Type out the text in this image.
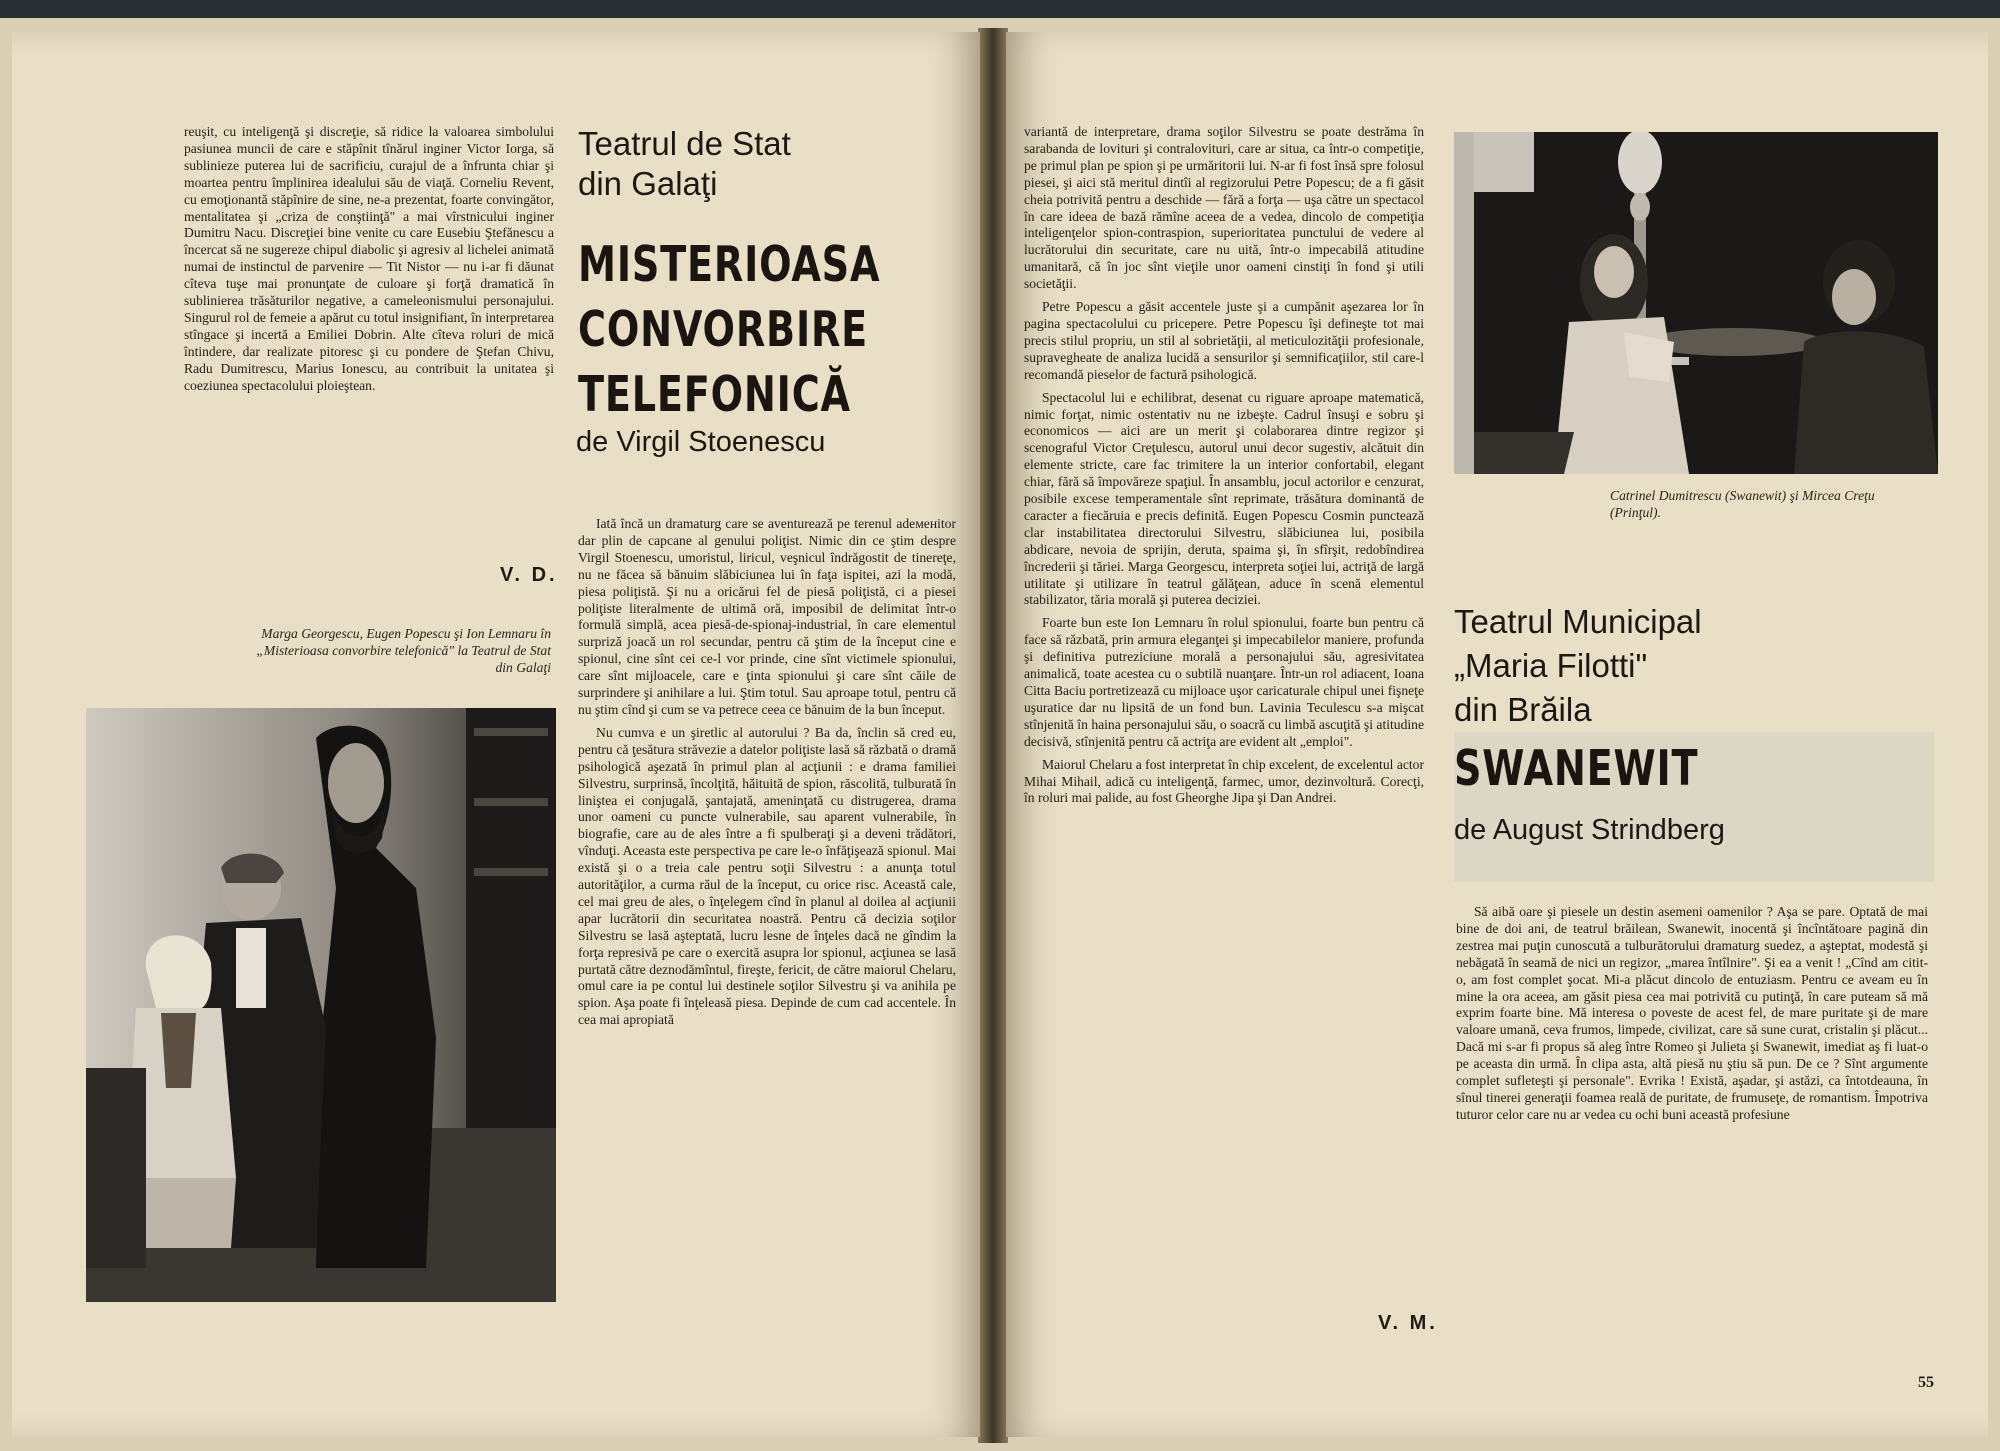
reuşit, cu inteligenţă şi discreţie, să ridice la valoarea simbolului pasiunea muncii de care e stăpînit tînărul inginer Victor Iorga, să sublinieze puterea lui de sacrificiu, curajul de a înfrunta chiar şi moartea pentru împlinirea idealului său de viaţă. Corneliu Revent, cu emoţionantă stăpînire de sine, ne-a prezentat, foarte convingător, mentalitatea şi „criza de conştiinţă" a mai vîrstnicului inginer Dumitru Nacu. Discreţiei bine venite cu care Eusebiu Ştefănescu a încercat să ne sugereze chipul diabolic şi agresiv al lichelei animată numai de instinctul de parvenire — Tit Nistor — nu i-ar fi dăunat cîteva tuşe mai pronunţate de culoare şi forţă dramatică în sublinierea trăsăturilor negative, a cameleonismului personajului. Singurul rol de femeie a apărut cu totul insignifiant, în interpretarea stîngace şi incertă a Emiliei Dobrin. Alte cîteva roluri de mică întindere, dar realizate pitoresc şi cu pondere de Ştefan Chivu, Radu Dumitrescu, Marius Ionescu, au contribuit la unitatea şi coeziunea spectacolului ploieştean.

V. D.
Marga Georgescu, Eugen Popescu şi Ion Lemnaru în „Misterioasa convorbire telefonică" la Teatrul de Stat din Galaţi
Teatrul de Stat
din Galaţi
MISTERIOASA
CONVORBIRE
TELEFONICĂ
de Virgil Stoenescu

Iată încă un dramaturg care se aventurează pe terenul adeменitor dar plin de capcane al genului poliţist. Nimic din ce ştim despre Virgil Stoenescu, umoristul, liricul, veşnicul îndrăgostit de tinereţe, nu ne făcea să bănuim slăbiciunea lui în faţa ispitei, azi la modă, piesa poliţistă. Şi nu a oricărui fel de piesă poliţistă, ci a piesei poliţiste literalmente de ultimă oră, imposibil de delimitat într-o formulă simplă, acea piesă-de-spionaj-industrial, în care elementul surpriză joacă un rol secundar, pentru că ştim de la început cine e spionul, cine sînt cei ce-l vor prinde, cine sînt victimele spionului, care sînt mijloacele, care e ţinta spionului şi care sînt căile de surprindere şi anihilare a lui. Ştim totul. Sau aproape totul, pentru că nu ştim cînd şi cum se va petrece ceea ce bănuim de la bun început.

Nu cumva e un şiretlic al autorului ? Ba da, înclin să cred eu, pentru că ţesătura străvezie a datelor poliţiste lasă să răzbată o dramă psihologică aşezată în primul plan al acţiunii : e drama familiei Silvestru, surprinsă, încolţită, hăituită de spion, răscolită, tulburată în liniştea ei conjugală, şantajată, ameninţată cu distrugerea, drama unor oameni cu puncte vulnerabile, sau aparent vulnerabile, în biografie, care au de ales între a fi spulberaţi şi a deveni trădători, vînduţi. Aceasta este perspectiva pe care le-o înfăţişează spionul. Mai există şi o a treia cale pentru soţii Silvestru : a anunţa totul autorităţilor, a curma răul de la început, cu orice risc. Această cale, cel mai greu de ales, o înţelegem cînd în planul al doilea al acţiunii apar lucrătorii din securitatea noastră. Pentru că decizia soţilor Silvestru se lasă aşteptată, lucru lesne de înţeles dacă ne gîndim la forţa represivă pe care o exercită asupra lor spionul, acţiunea se lasă purtată către deznodămîntul, fireşte, fericit, de către maiorul Chelaru, omul care ia pe contul lui destinele soţilor Silvestru şi va anihila pe spion. Aşa poate fi înţeleasă piesa. Depinde de cum cad accentele. În cea mai apropiată

variantă de interpretare, drama soţilor Silvestru se poate destrăma în sarabanda de lovituri şi contralovituri, care ar situa, ca într-o competiţie, pe primul plan pe spion şi pe urmăritorii lui. N-ar fi fost însă spre folosul piesei, şi aici stă meritul dintîi al regizorului Petre Popescu; de a fi găsit cheia potrivită pentru a deschide — fără a forţa — uşa către un spectacol în care ideea de bază rămîne aceea de a vedea, dincolo de competiţia inteligenţelor spion-contraspion, superioritatea punctului de vedere al lucrătorului din securitate, care nu uită, într-o impecabilă atitudine umanitară, că în joc sînt vieţile unor oameni cinstiţi în fond şi utili societăţii.

Petre Popescu a găsit accentele juste şi a cumpănit aşezarea lor în pagina spectacolului cu pricepere. Petre Popescu îşi defineşte tot mai precis stilul propriu, un stil al sobrietăţii, al meticulozităţii profesionale, supravegheate de analiza lucidă a sensurilor şi semnificaţiilor, stil care-l recomandă pieselor de factură psihologică.

Spectacolul lui e echilibrat, desenat cu riguare aproape matematică, nimic forţat, nimic ostentativ nu ne izbeşte. Cadrul însuşi e sobru şi economicos — aici are un merit şi colaborarea dintre regizor şi scenograful Victor Creţulescu, autorul unui decor sugestiv, alcătuit din elemente stricte, care fac trimitere la un interior confortabil, elegant chiar, fără să împovăreze spaţiul. În ansamblu, jocul actorilor e cenzurat, posibile excese temperamentale sînt reprimate, trăsătura dominantă de caracter a fiecăruia e precis definită. Eugen Popescu Cosmin punctează clar instabilitatea directorului Silvestru, slăbiciunea lui, posibila abdicare, nevoia de sprijin, deruta, spaima şi, în sfîrşit, redobîndirea încrederii şi tăriei. Marga Georgescu, interpreta soţiei lui, actriţă de largă utilitate şi utilizare în teatrul gălăţean, aduce în scenă elementul stabilizator, tăria morală şi puterea deciziei.

Foarte bun este Ion Lemnaru în rolul spionului, foarte bun pentru că face să răzbată, prin armura eleganţei şi impecabilelor maniere, profunda şi definitiva putreziciune morală a personajului său, agresivitatea animalică, toate acestea cu o subtilă nuanţare. Într-un rol adiacent, Ioana Citta Baciu portretizează cu mijloace uşor caricaturale chipul unei fişneţe uşuratice dar nu lipsită de un fond bun. Lavinia Teculescu s-a mişcat stînjenită în haina personajului său, o soacră cu limbă ascuţită şi atitudine decisivă, stînjenită pentru că actriţa are evident alt „emploi".

Maiorul Chelaru a fost interpretat în chip excelent, de excelentul actor Mihai Mihail, adică cu inteligenţă, farmec, umor, dezinvoltură. Corecţi, în roluri mai palide, au fost Gheorghe Jipa şi Dan Andrei.

V. M.
Catrinel Dumitrescu (Swanewit) şi Mircea Creţu (Prinţul).
Teatrul Municipal
„Maria Filotti"
din Brăila
SWANEWIT
de August Strindberg

Să aibă oare şi piesele un destin asemeni oamenilor ? Aşa se pare. Optată de mai bine de doi ani, de teatrul brăilean, Swanewit, inocentă şi încîntătoare pagină din zestrea mai puţin cunoscută a tulburătorului dramaturg suedez, a aşteptat, modestă şi nebăgată în seamă de nici un regizor, „marea întîlnire". Şi ea a venit ! „Cînd am citit-o, am fost complet şocat. Mi-a plăcut dincolo de entuziasm. Pentru ce aveam eu în mine la ora aceea, am găsit piesa cea mai potrivită cu putinţă, în care puteam să mă exprim foarte bine. Mă interesa o poveste de acest fel, de mare puritate şi de mare valoare umană, ceva frumos, limpede, civilizat, care să sune curat, cristalin şi plăcut... Dacă mi s-ar fi propus să aleg între Romeo şi Julieta şi Swanewit, imediat aş fi luat-o pe aceasta din urmă. În clipa asta, altă piesă nu ştiu să pun. De ce ? Sînt argumente complet sufleteşti şi personale". Evrika ! Există, aşadar, şi astăzi, ca întotdeauna, în sînul tinerei generaţii foamea reală de puritate, de frumuseţe, de romantism. Împotriva tuturor celor care nu ar vedea cu ochi buni această profesiune

55
